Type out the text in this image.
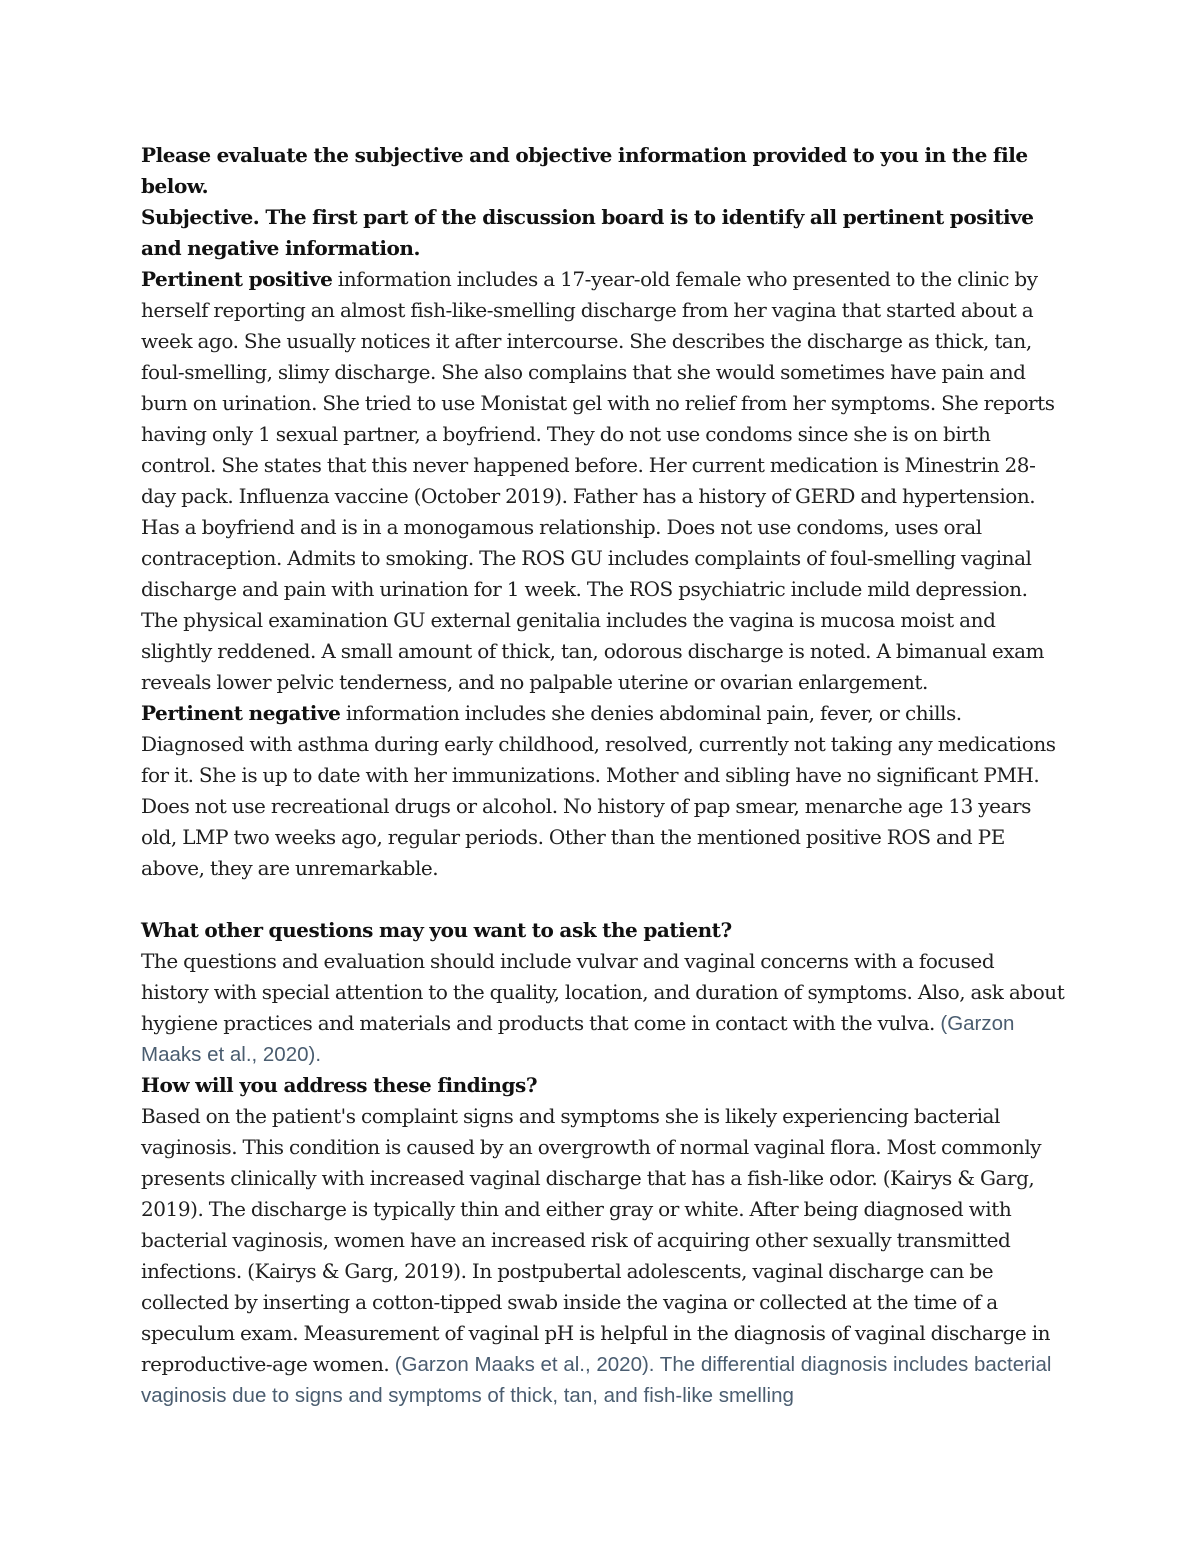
Please evaluate the subjective and objective information provided to you in the file below.
Subjective. The first part of the discussion board is to identify all pertinent positive and negative information.

Pertinent positive information includes a 17-year-old female who presented to the clinic by herself reporting an almost fish-like-smelling discharge from her vagina that started about a week ago. She usually notices it after intercourse. She describes the discharge as thick, tan, foul-smelling, slimy discharge. She also complains that she would sometimes have pain and burn on urination. She tried to use Monistat gel with no relief from her symptoms. She reports having only 1 sexual partner, a boyfriend. They do not use condoms since she is on birth control. She states that this never happened before. Her current medication is Minestrin 28-day pack. Influenza vaccine (October 2019). Father has a history of GERD and hypertension. Has a boyfriend and is in a monogamous relationship. Does not use condoms, uses oral contraception. Admits to smoking. The ROS GU includes complaints of foul-smelling vaginal discharge and pain with urination for 1 week. The ROS psychiatric include mild depression. The physical examination GU external genitalia includes the vagina is mucosa moist and slightly reddened. A small amount of thick, tan, odorous discharge is noted. A bimanual exam reveals lower pelvic tenderness, and no palpable uterine or ovarian enlargement.

Pertinent negative information includes she denies abdominal pain, fever, or chills. Diagnosed with asthma during early childhood, resolved, currently not taking any medications for it. She is up to date with her immunizations. Mother and sibling have no significant PMH. Does not use recreational drugs or alcohol. No history of pap smear, menarche age 13 years old, LMP two weeks ago, regular periods. Other than the mentioned positive ROS and PE above, they are unremarkable.

What other questions may you want to ask the patient?

The questions and evaluation should include vulvar and vaginal concerns with a focused history with special attention to the quality, location, and duration of symptoms. Also, ask about hygiene practices and materials and products that come in contact with the vulva. (Garzon Maaks et al., 2020).

How will you address these findings?

Based on the patient's complaint signs and symptoms she is likely experiencing bacterial vaginosis. This condition is caused by an overgrowth of normal vaginal flora. Most commonly presents clinically with increased vaginal discharge that has a fish-like odor. (Kairys & Garg, 2019). The discharge is typically thin and either gray or white. After being diagnosed with bacterial vaginosis, women have an increased risk of acquiring other sexually transmitted infections. (Kairys & Garg, 2019). In postpubertal adolescents, vaginal discharge can be collected by inserting a cotton-tipped swab inside the vagina or collected at the time of a speculum exam. Measurement of vaginal pH is helpful in the diagnosis of vaginal discharge in reproductive-age women. (Garzon Maaks et al., 2020). The differential diagnosis includes bacterial vaginosis due to signs and symptoms of thick, tan, and fish-like smelling
